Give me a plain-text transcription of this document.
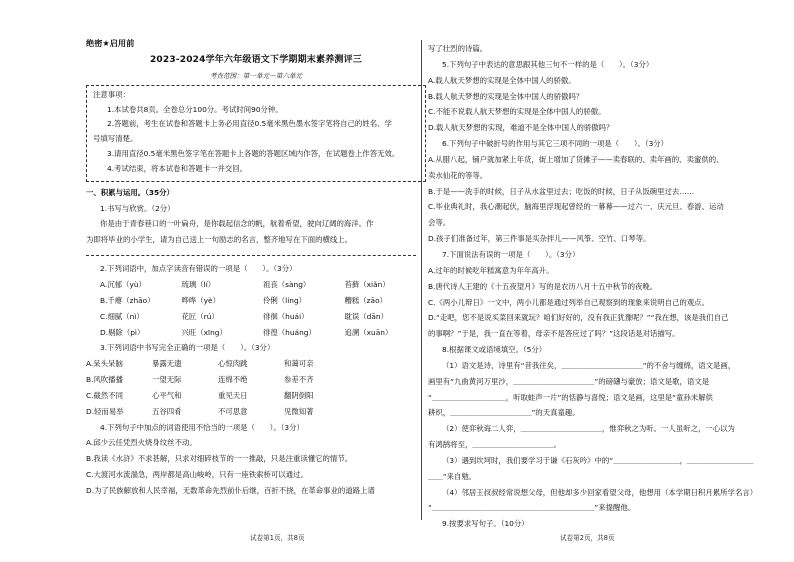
绝密★启用前
2023-2024学年六年级语文下学期期末素养测评三
考查范围：第一单元～第六单元
注意事项：
1.本试卷共8页。全卷总分100分。考试时间90分钟。
2.答题前，考生在试卷和答题卡上务必用直径0.5毫米黑色墨水签字笔将自己的姓名、学
号填写清楚。
3.请用直径0.5毫米黑色签字笔在答题卡上各题的答题区域内作答，在试题卷上作答无效。
4.考试结束，将本试卷和答题卡一并交回。
一、积累与运用。（35分）
1.书写与欣赏。（2分）
你是由于青春巷口的一叶扁舟，是你载起信念的帆，航着希望，驶向辽阔的海洋。作
为即将毕业的小学生，请为自己送上一句励志的名言，整齐地写在下面的横线上。
2.下列词语中，加点字读音有错误的一项是（　　）。（3分）
A.沉郁（yù）	琉璃（lí）	祖丧（sàng）	苔藓（xiǎn）
B.千瘪（zhāo）	哗哗（yè）	伶俐（líng）	糟糕（zāo）
C.细腻（nì）	花匠（rú）	徘徊（huái）	耽误（dān）
D.剔除（pì）	兴旺（xīng）	徘徨（huáng）	追溯（xuān）
3.下列词语中书写完全正确的一项是（　　）。（3分）
A.呆头呆脑	暴露无遗	心惊肉跳	和蔼可亲
B.风吹播播	一望无际	连绵不绝	参差不齐
C.截然不同	心平气和	重见天日	翻阴倒阳
D.轻而易举	五谷四肴	不可思意	见微知著
4.下列句子中加点的词语使用不恰当的一项是（　　）。（3分）
A.邱少云任凭烈火烧身纹丝不动。
B.我读《水浒》不求甚解，只求对细碎枝节的一一推敲，只是注重读懂它的情节。
C.大渡河水流湍急，两岸都是高山峻岭，只有一座铁索桥可以通过。
D.为了民族解放和人民幸福，无数革命先烈前仆后继，百折不挠，在革命事业的道路上谱
写了壮烈的诗篇。
5.下列句子中表达的意思跟其他三句不一样的是（　　）。（3分）
A.载人航天梦想的实现是全体中国人的骄傲。
B.载人航天梦想的实现是全体中国人的骄傲吗？
C.不能不说载人航天梦想的实现是全体中国人的骄傲。
D.载人航天梦想的实现，难道不是全体中国人的骄傲吗？
6.下列句子中破折号的作用与其它三项不同的一项是（　　）。（3分）
A.从腊八起，铺户就加紧上年货，街上增加了货摊子——卖春联的、卖年画的、卖蜜供的、
卖水仙花的等等。
B.于是——洗手的时候，日子从水盆里过去；吃饭的时候，日子从饭碗里过去……
C.毕业典礼时，我心潮起伏，脑海里浮现起曾经的一幕幕——过六一、庆元旦、春游、运动
会等。
D.孩子们准备过年，第三件事是买杂拌儿——风筝、空竹、口琴等。
7.下面说法有误的一项是（　　）。（3分）
A.过年的时候吃年糕寓意为年年高升。
B.唐代诗人王建的《十五夜望月》写的是农历八月十五中秋节的夜晚。
C.《两小儿辩日》一文中，两小儿都是通过列举自己观察到的现象来说明自己的观点。
D.“走吧，您不是说买菜回来就玩？咱们好好的，没有我正犹豫呢？”“我在想，该是我们自己
的事啊？”于是，我一直在等着，母亲不是答应过了吗？”这段话是对话描写。
8.根据课文或语境填空。（5分）
（1）语文是诗，诗里有“昔我往矣，＿＿＿＿＿＿＿＿＿＿＿”的不舍与缠绵，语文是画，
画里有“九曲黄河万里沙，＿＿＿＿＿＿＿＿＿＿＿”的磅礴与豪放；语文是歌，语文是
“＿＿＿＿＿＿＿＿＿＿，听取蛙声一片”的恬静与喜悦；语文是画，这里是“童孙未解供
耕织，＿＿＿＿＿＿＿＿＿＿＿”的天真童趣。
（2）使弈秋诲二人弈，＿＿＿＿＿＿＿＿＿＿＿，惟弈秋之为听。一人虽听之，一心以为
有鸿鹄将至，＿＿＿＿＿＿＿＿＿＿＿。
（3）遇到坎坷时，我们要学习于谦《石灰吟》中的“＿＿＿＿＿＿＿＿＿，＿＿＿＿＿＿＿＿＿
＿＿”来自勉。
（4）邻居王叔叔经常说想父母，但他却多少回家看望父母，他想用（本学期日积月累所学名言）
“＿＿＿＿＿＿＿＿＿＿＿＿＿＿＿＿＿＿＿＿＿＿”来提醒他。
9.按要求写句子。（10分）
试卷第1页，共8页	试卷第2页，共8页
